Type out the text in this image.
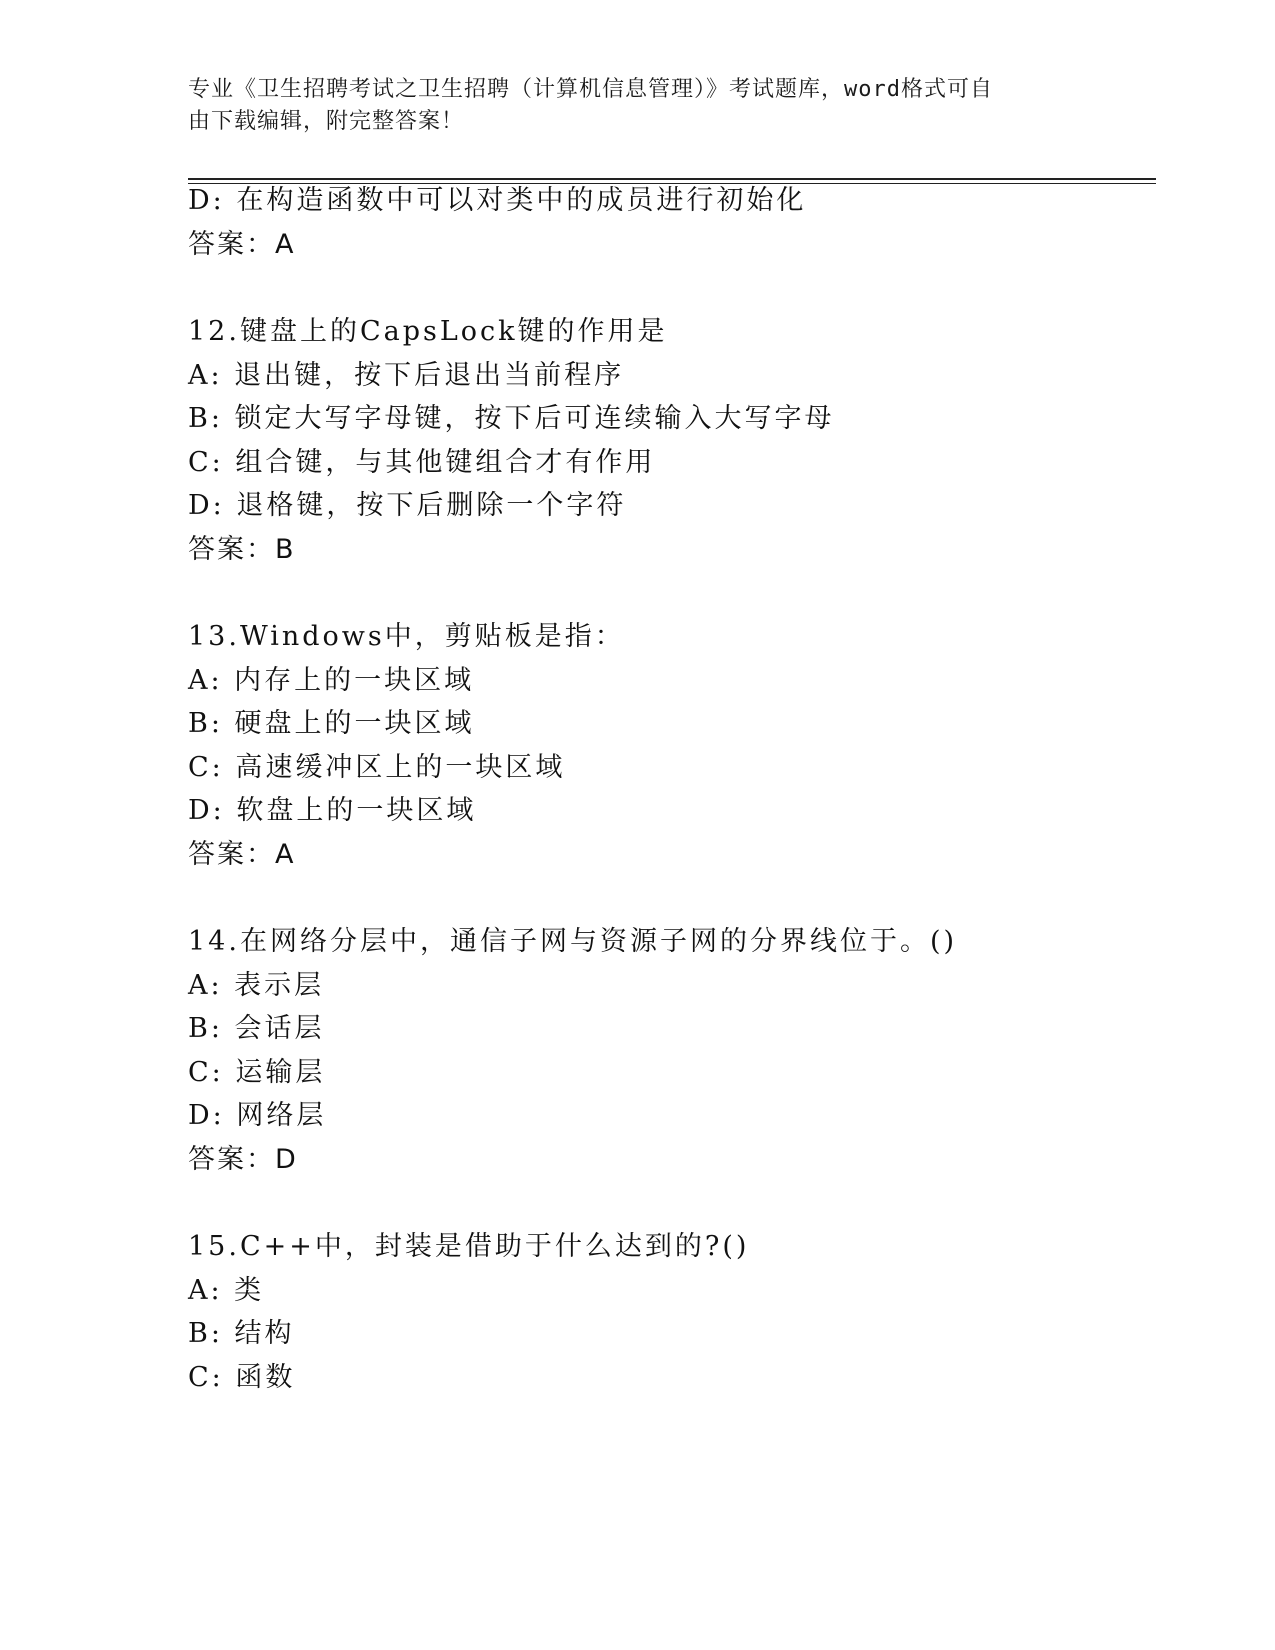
专业《卫生招聘考试之卫生招聘（计算机信息管理）》考试题库，word格式可自
由下载编辑，附完整答案！
D: 在构造函数中可以对类中的成员进行初始化
答案：A
12.键盘上的CapsLock键的作用是
A: 退出键，按下后退出当前程序
B: 锁定大写字母键，按下后可连续输入大写字母
C: 组合键，与其他键组合才有作用
D: 退格键，按下后删除一个字符
答案：B
13.Windows中，剪贴板是指：
A: 内存上的一块区域
B: 硬盘上的一块区域
C: 高速缓冲区上的一块区域
D: 软盘上的一块区域
答案：A
14.在网络分层中，通信子网与资源子网的分界线位于。()
A: 表示层
B: 会话层
C: 运输层
D: 网络层
答案：D
15.C++中，封装是借助于什么达到的?()
A: 类
B: 结构
C: 函数
